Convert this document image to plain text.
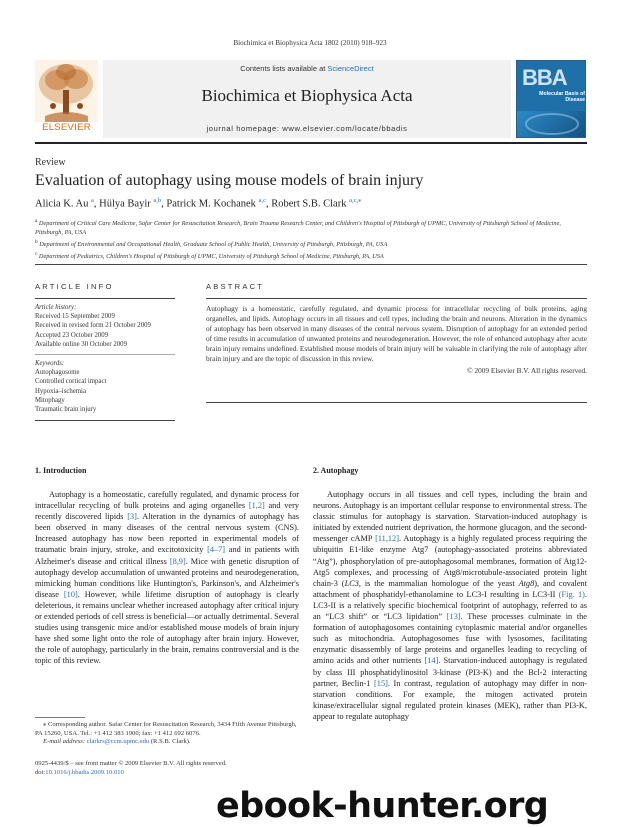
Biochimica et Biophysica Acta 1802 (2010) 918–923
ELSEVIER
Contents lists available at ScienceDirect
Biochimica et Biophysica Acta
journal homepage: www.elsevier.com/locate/bbadis
BBA
Molecular Basis of Disease
Review
Evaluation of autophagy using mouse models of brain injury
Alicia K. Au $^a$, Hülya Bayir $^{a,b}$, Patrick M. Kochanek $^{a,c}$, Robert S.B. Clark $^{a,c,⁎}$
$^a$ Department of Critical Care Medicine, Safar Center for Resuscitation Research, Brain Trauma Research Center, and Children's Hospital of Pittsburgh of UPMC, University of Pittsburgh School of Medicine, Pittsburgh, PA, USA
$^b$ Department of Environmental and Occupational Health, Graduate School of Public Health, University of Pittsburgh, Pittsburgh, PA, USA
$^c$ Department of Pediatrics, Children's Hospital of Pittsburgh of UPMC, University of Pittsburgh School of Medicine, Pittsburgh, PA, USA
ARTICLE INFO
Article history:
Received 15 September 2009
Received in revised form 21 October 2009
Accepted 23 October 2009
Available online 30 October 2009
Keywords:
Autophagosome
Controlled cortical impact
Hypoxia–ischemia
Mitophagy
Traumatic brain injury
ABSTRACT
Autophagy is a homeostatic, carefully regulated, and dynamic process for intracellular recycling of bulk proteins, aging organelles, and lipids. Autophagy occurs in all tissues and cell types, including the brain and neurons. Alteration in the dynamics of autophagy has been observed in many diseases of the central nervous system. Disruption of autophagy for an extended period of time results in accumulation of unwanted proteins and neurodegeneration. However, the role of enhanced autophagy after acute brain injury remains undefined. Established mouse models of brain injury will be valuable in clarifying the role of autophagy after brain injury and are the topic of discussion in this review.
© 2009 Elsevier B.V. All rights reserved.
1. Introduction
Autophagy is a homeostatic, carefully regulated, and dynamic process for intracellular recycling of bulk proteins and aging organelles [1,2] and very recently discovered lipids [3]. Alteration in the dynamics of autophagy has been observed in many diseases of the central nervous system (CNS). Increased autophagy has now been reported in experimental models of traumatic brain injury, stroke, and excitotoxicity [4–7] and in patients with Alzheimer's disease and critical illness [8,9]. Mice with genetic disruption of autophagy develop accumulation of unwanted proteins and neurodegeneration, mimicking human conditions like Huntington's, Parkinson's, and Alzheimer's disease [10]. However, while lifetime disruption of autophagy is clearly deleterious, it remains unclear whether increased autophagy after critical injury or extended periods of cell stress is beneficial—or actually detrimental. Several studies using transgenic mice and/or established mouse models of brain injury have shed some light onto the role of autophagy after brain injury. However, the role of autophagy, particularly in the brain, remains controversial and is the topic of this review.
2. Autophagy
Autophagy occurs in all tissues and cell types, including the brain and neurons. Autophagy is an important cellular response to environmental stress. The classic stimulus for autophagy is starvation. Starvation-induced autophagy is initiated by extended nutrient deprivation, the hormone glucagon, and the second-messenger cAMP [11,12]. Autophagy is a highly regulated process requiring the ubiquitin E1-like enzyme Atg7 (autophagy-associated proteins abbreviated “Atg”), phosphorylation of pre-autophagosomal membranes, formation of Atg12-Atg5 complexes, and processing of Atg8/microtubule-associated protein light chain-3 (LC3, is the mammalian homologue of the yeast Atg8), and covalent attachment of phosphatidyl-ethanolamine to LC3-I resulting in LC3-II (Fig. 1). LC3-II is a relatively specific biochemical footprint of autophagy, referred to as an “LC3 shift” or “LC3 lipidation” [13]. These processes culminate in the formation of autophagosomes containing cytoplasmic material and/or organelles such as mitochondria. Autophagosomes fuse with lysosomes, facilitating enzymatic disassembly of large proteins and organelles leading to recycling of amino acids and other nutrients [14]. Starvation-induced autophagy is regulated by class III phosphatidylinositol 3-kinase (PI3-K) and the Bcl-2 interacting partner, Beclin-1 [15]. In contrast, regulation of autophagy may differ in non-starvation conditions. For example, the mitogen activated protein kinase/extracellular signal regulated protein kinases (MEK), rather than PI3-K, appear to regulate autophagy
⁎ Corresponding author. Safar Center for Resuscitation Research, 3434 Fifth Avenue Pittsburgh, PA 15260, USA. Tel.: +1 412 383 1900; fax: +1 412 692 6076.
E-mail address: clarkrs@ccm.upmc.edu (R.S.B. Clark).
0925-4439/$ – see front matter © 2009 Elsevier B.V. All rights reserved.
doi:10.1016/j.bbadis.2009.10.010
ebook-hunter.org
